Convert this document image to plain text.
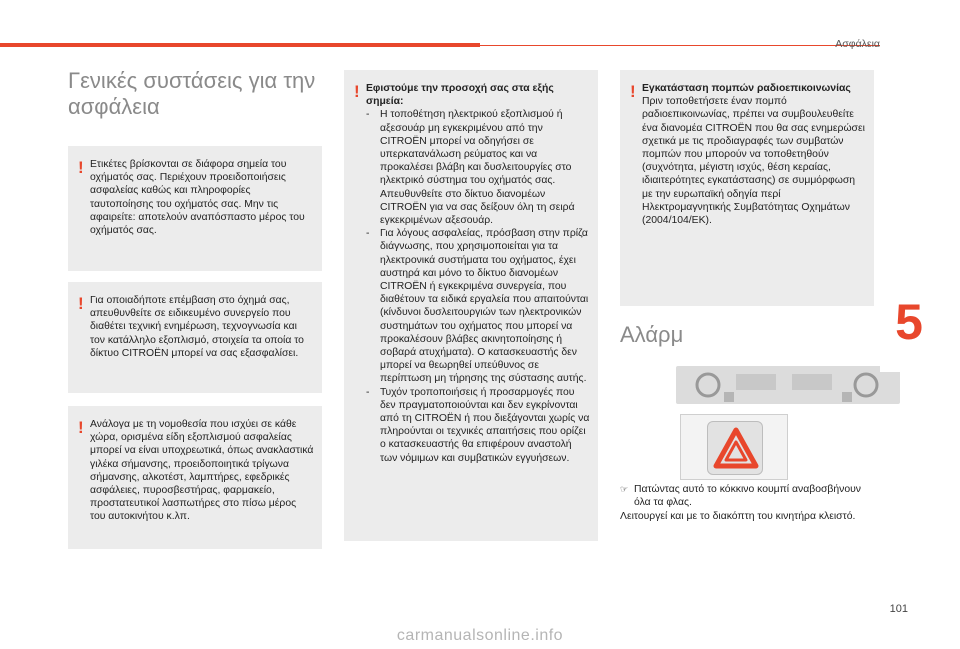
Ασφάλεια
Γενικές συστάσεις για την ασφάλεια
! Ετικέτες βρίσκονται σε διάφορα σημεία του οχήματός σας. Περιέχουν προειδοποιήσεις ασφαλείας καθώς και πληροφορίες ταυτοποίησης του οχήματός σας. Μην τις αφαιρείτε: αποτελούν αναπόσπαστο μέρος του οχήματός σας.
! Για οποιαδήποτε επέμβαση στο όχημά σας, απευθυνθείτε σε ειδικευμένο συνεργείο που διαθέτει τεχνική ενημέρωση, τεχνογνωσία και τον κατάλληλο εξοπλισμό, στοιχεία τα οποία το δίκτυο CITROËN μπορεί να σας εξασφαλίσει.
! Ανάλογα με τη νομοθεσία που ισχύει σε κάθε χώρα, ορισμένα είδη εξοπλισμού ασφαλείας μπορεί να είναι υποχρεωτικά, όπως ανακλαστικά γιλέκα σήμανσης, προειδοποιητικά τρίγωνα σήμανσης, αλκοτέστ, λαμπτήρες, εφεδρικές ασφάλειες, πυροσβεστήρας, φαρμακείο, προστατευτικοί λασπωτήρες στο πίσω μέρος του αυτοκινήτου κ.λπ.
! Εφιστούμε την προσοχή σας στα εξής σημεία:
-	Η τοποθέτηση ηλεκτρικού εξοπλισμού ή αξεσουάρ μη εγκεκριμένου από την CITROËN μπορεί να οδηγήσει σε υπερκατανάλωση ρεύματος και να προκαλέσει βλάβη και δυσλειτουργίες στο ηλεκτρικό σύστημα του οχήματός σας. Απευθυνθείτε στο δίκτυο διανομέων CITROËN για να σας δείξουν όλη τη σειρά εγκεκριμένων αξεσουάρ.
-	Για λόγους ασφαλείας, πρόσβαση στην πρίζα διάγνωσης, που χρησιμοποιείται για τα ηλεκτρονικά συστήματα του οχήματος, έχει αυστηρά και μόνο το δίκτυο διανομέων CITROËN ή εγκεκριμένα συνεργεία, που διαθέτουν τα ειδικά εργαλεία που απαιτούνται (κίνδυνοι δυσλειτουργιών των ηλεκτρονικών συστημάτων του οχήματος που μπορεί να προκαλέσουν βλάβες ακινητοποίησης ή σοβαρά ατυχήματα). Ο κατασκευαστής δεν μπορεί να θεωρηθεί υπεύθυνος σε περίπτωση μη τήρησης της σύστασης αυτής.
-	Τυχόν τροποποιήσεις ή προσαρμογές που δεν πραγματοποιούνται και δεν εγκρίνονται από τη CITROËN ή που διεξάγονται χωρίς να πληρούνται οι τεχνικές απαιτήσεις που ορίζει ο κατασκευαστής θα επιφέρουν αναστολή των νόμιμων και συμβατικών εγγυήσεων.
! Εγκατάσταση πομπών ραδιοεπικοινωνίας
Πριν τοποθετήσετε έναν πομπό ραδιοεπικοινωνίας, πρέπει να συμβουλευθείτε ένα διανομέα CITROËN που θα σας ενημερώσει σχετικά με τις προδιαγραφές των συμβατών πομπών που μπορούν να τοποθετηθούν (συχνότητα, μέγιστη ισχύς, θέση κεραίας, ιδιαιτερότητες εγκατάστασης) σε συμμόρφωση με την ευρωπαϊκή οδηγία περί Ηλεκτρομαγνητικής Συμβατότητας Οχημάτων (2004/104/ΕΚ).
Αλάρμ
☞ Πατώντας αυτό το κόκκινο κουμπί αναβοσβήνουν όλα τα φλας.
Λειτουργεί και με το διακόπτη του κινητήρα κλειστό.
5
101
carmanualsonline.info
